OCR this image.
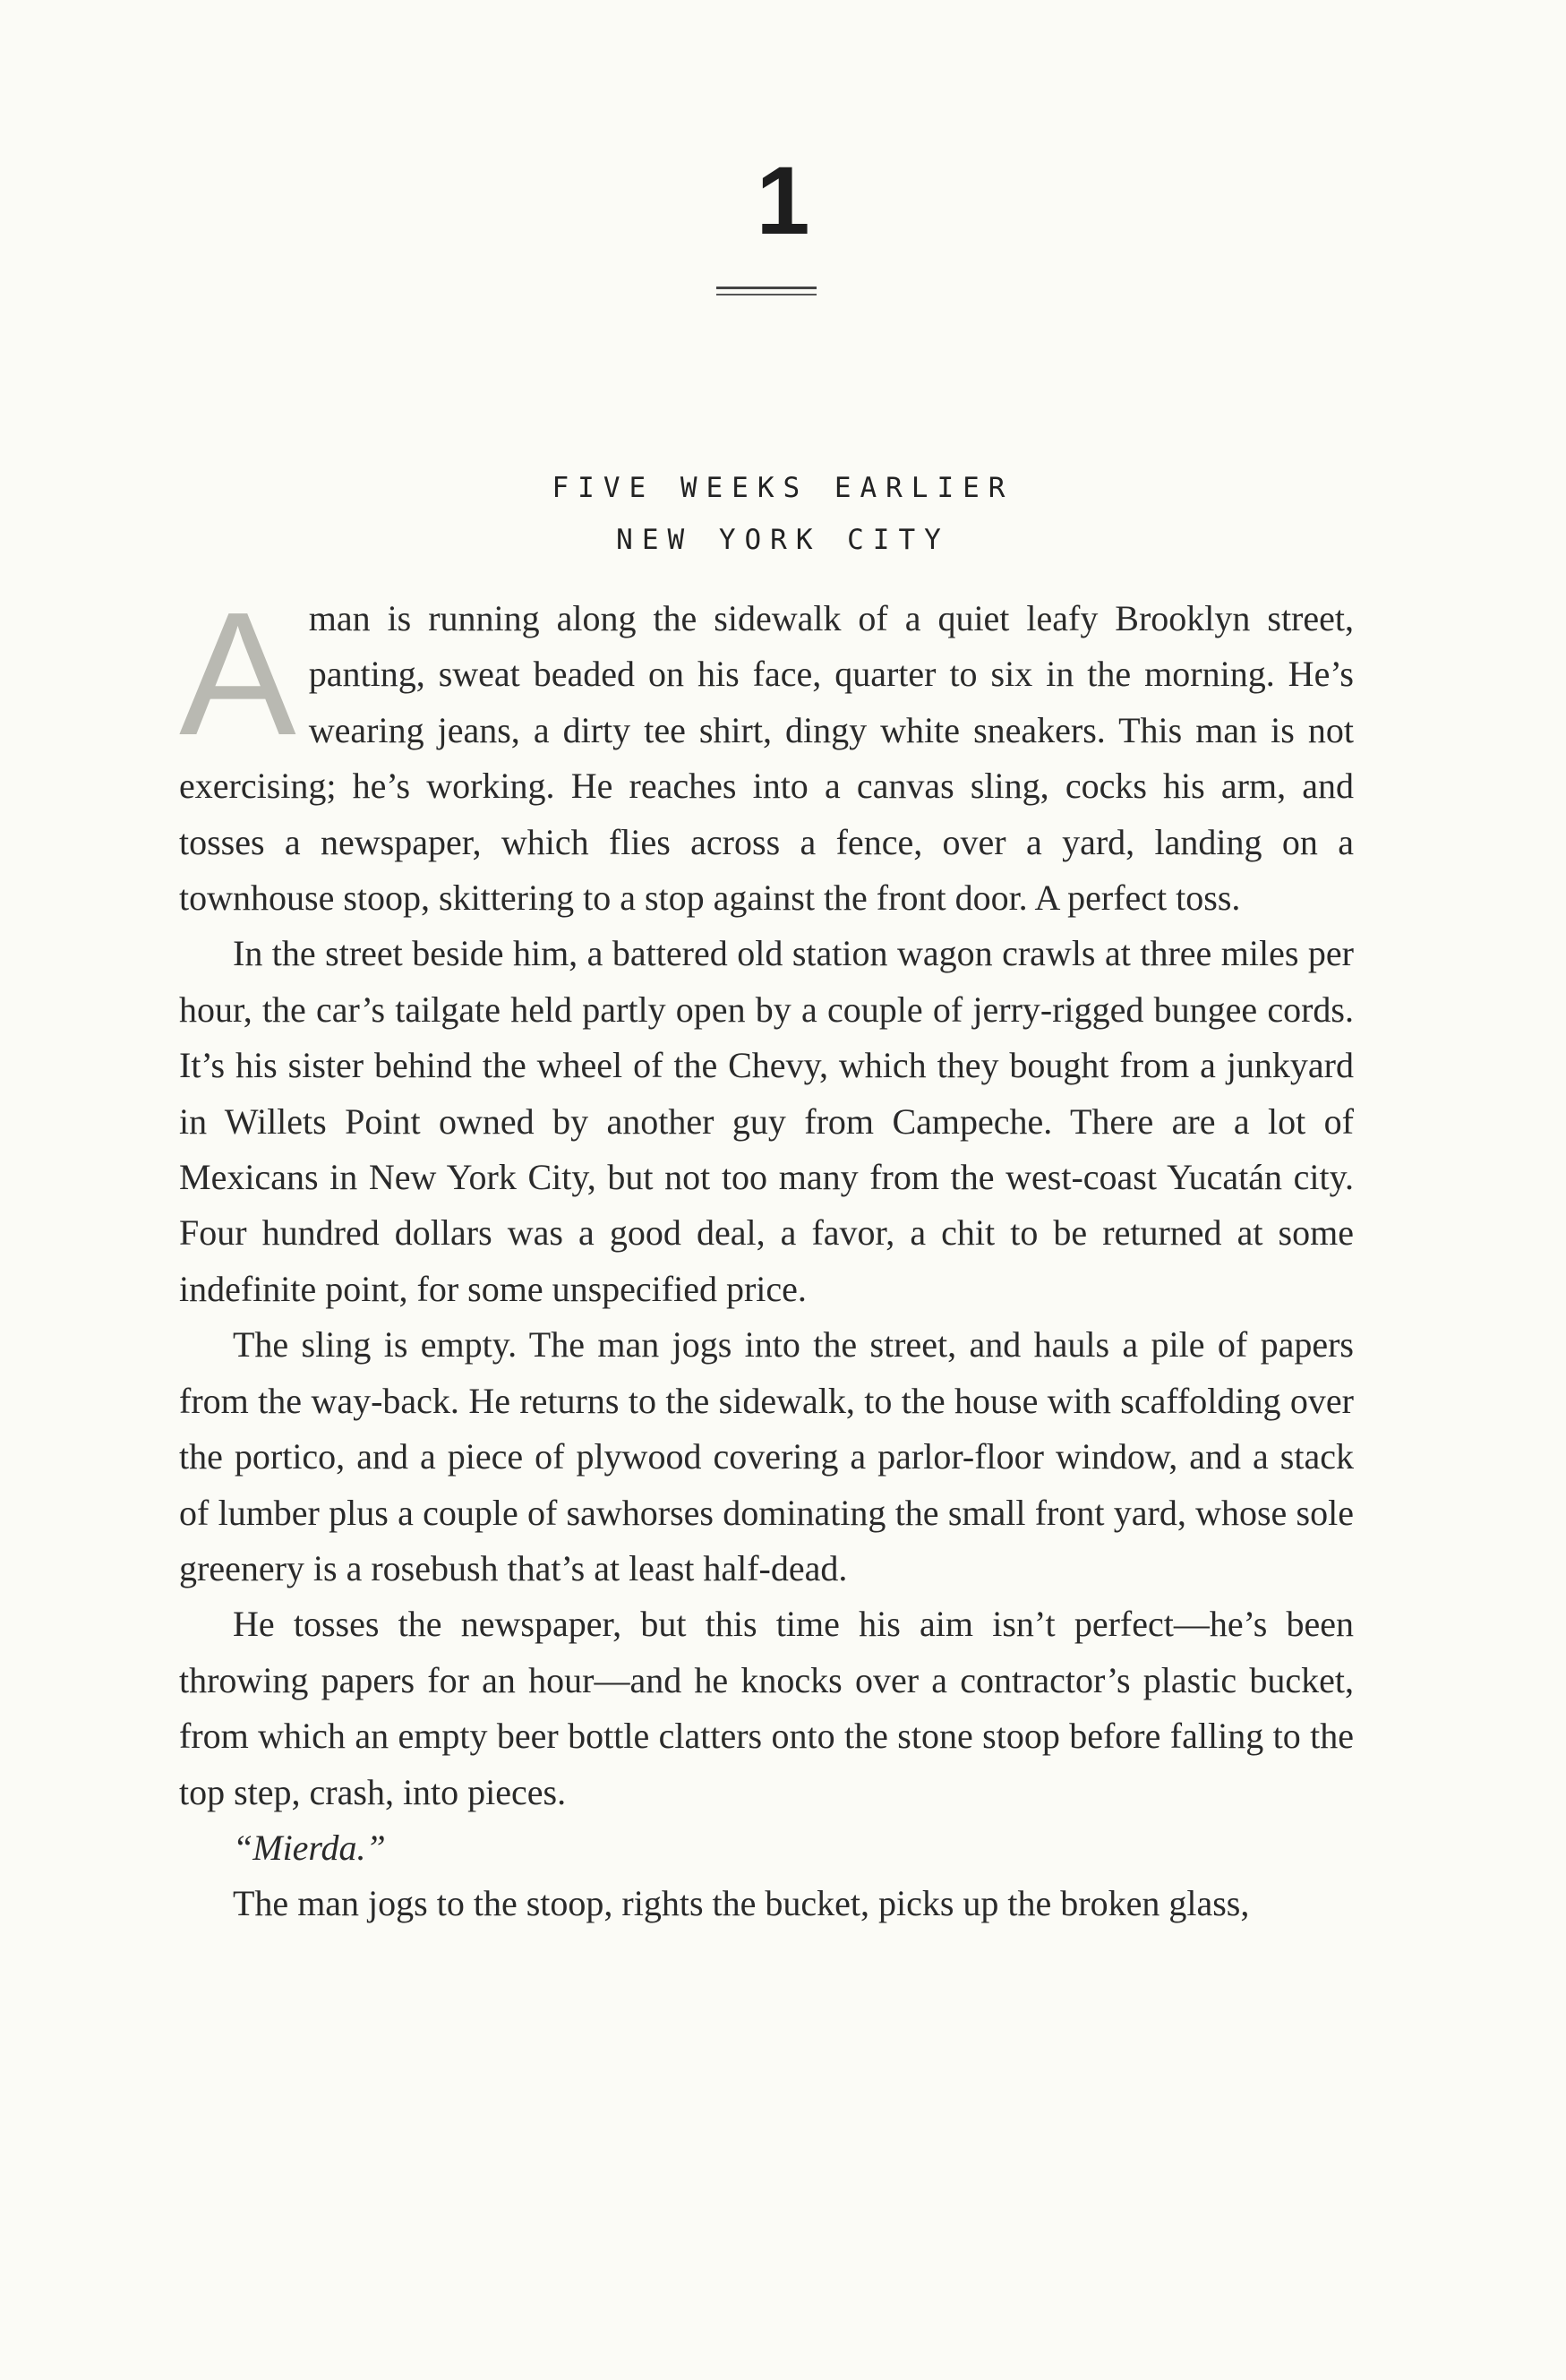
1
FIVE WEEKS EARLIER
NEW YORK CITY

Aman is running along the sidewalk of a quiet leafy Brooklyn street, panting, sweat beaded on his face, quarter to six in the morning. He’s wearing jeans, a dirty tee shirt, dingy white sneakers. This man is not exercising; he’s working. He reaches into a canvas sling, cocks his arm, and tosses a newspaper, which flies across a fence, over a yard, landing on a townhouse stoop, skittering to a stop against the front door. A perfect toss.

In the street beside him, a battered old station wagon crawls at three miles per hour, the car’s tailgate held partly open by a couple of jerry-rigged bungee cords. It’s his sister behind the wheel of the Chevy, which they bought from a junkyard in Willets Point owned by another guy from Campeche. There are a lot of Mexicans in New York City, but not too many from the west-coast Yucatán city. Four hundred dollars was a good deal, a favor, a chit to be returned at some indefinite point, for some unspecified price.

The sling is empty. The man jogs into the street, and hauls a pile of papers from the way-back. He returns to the sidewalk, to the house with scaffolding over the portico, and a piece of plywood covering a parlor-floor window, and a stack of lumber plus a couple of sawhorses dominating the small front yard, whose sole greenery is a rosebush that’s at least half-dead.

He tosses the newspaper, but this time his aim isn’t perfect—he’s been throwing papers for an hour—and he knocks over a contractor’s plastic bucket, from which an empty beer bottle clatters onto the stone stoop before falling to the top step, crash, into pieces.

“Mierda.”

The man jogs to the stoop, rights the bucket, picks up the broken glass,
